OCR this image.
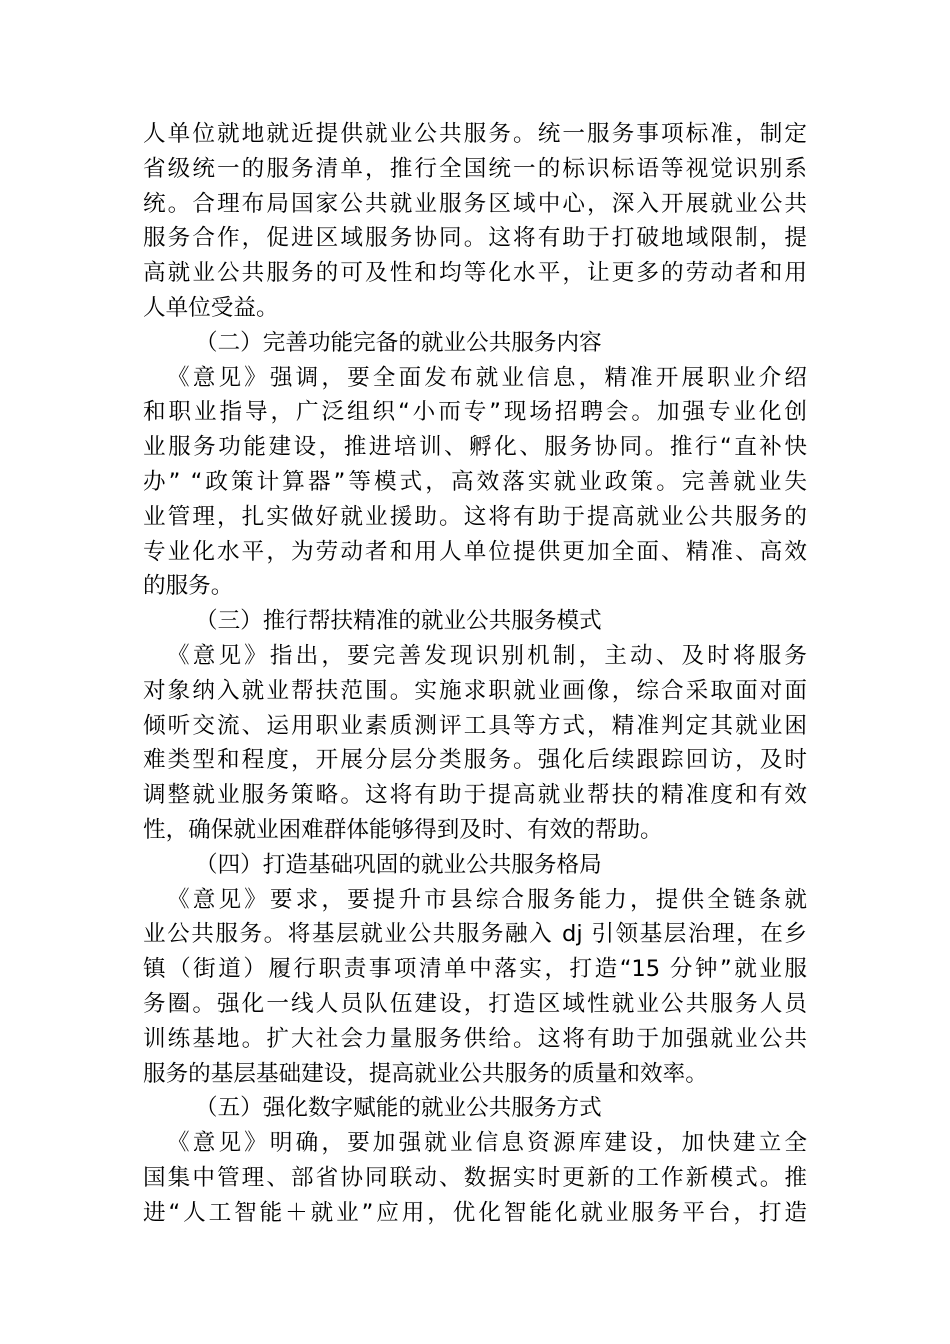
人单位就地就近提供就业公共服务。统一服务事项标准，制定
省级统一的服务清单，推行全国统一的标识标语等视觉识别系
统。合理布局国家公共就业服务区域中心，深入开展就业公共
服务合作，促进区域服务协同。这将有助于打破地域限制，提
高就业公共服务的可及性和均等化水平，让更多的劳动者和用
人单位受益。
（二）完善功能完备的就业公共服务内容
《意见》强调，要全面发布就业信息，精准开展职业介绍
和职业指导，广泛组织“小而专”现场招聘会。加强专业化创
业服务功能建设，推进培训、孵化、服务协同。推行“直补快
办” “政策计算器”等模式，高效落实就业政策。完善就业失
业管理，扎实做好就业援助。这将有助于提高就业公共服务的
专业化水平，为劳动者和用人单位提供更加全面、精准、高效
的服务。
（三）推行帮扶精准的就业公共服务模式
《意见》指出，要完善发现识别机制，主动、及时将服务
对象纳入就业帮扶范围。实施求职就业画像，综合采取面对面
倾听交流、运用职业素质测评工具等方式，精准判定其就业困
难类型和程度，开展分层分类服务。强化后续跟踪回访，及时
调整就业服务策略。这将有助于提高就业帮扶的精准度和有效
性，确保就业困难群体能够得到及时、有效的帮助。
（四）打造基础巩固的就业公共服务格局
《意见》要求，要提升市县综合服务能力，提供全链条就
业公共服务。将基层就业公共服务融入 dj 引领基层治理，在乡
镇（街道）履行职责事项清单中落实，打造“15 分钟”就业服
务圈。强化一线人员队伍建设，打造区域性就业公共服务人员
训练基地。扩大社会力量服务供给。这将有助于加强就业公共
服务的基层基础建设，提高就业公共服务的质量和效率。
（五）强化数字赋能的就业公共服务方式
《意见》明确，要加强就业信息资源库建设，加快建立全
国集中管理、部省协同联动、数据实时更新的工作新模式。推
进“人工智能＋就业”应用，优化智能化就业服务平台，打造
